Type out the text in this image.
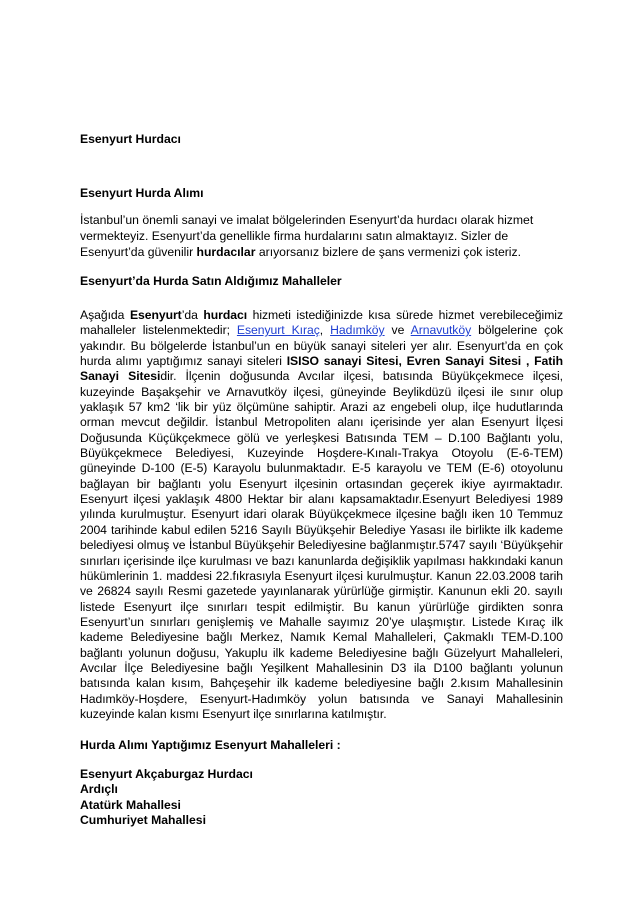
Esenyurt Hurdacı
Esenyurt Hurda Alımı
İstanbul’un önemli sanayi ve imalat bölgelerinden Esenyurt’da hurdacı olarak hizmet vermekteyiz. Esenyurt’da genellikle firma hurdalarını satın almaktayız. Sizler de Esenyurt’da güvenilir hurdacılar arıyorsanız bizlere de şans vermenizi çok isteriz.
Esenyurt’da Hurda Satın Aldığımız Mahalleler
Aşağıda Esenyurt’da hurdacı hizmeti istediğinizde kısa sürede hizmet verebileceğimiz mahalleler listelenmektedir; Esenyurt Kıraç, Hadımköy ve Arnavutköy bölgelerine çok yakındır. Bu bölgelerde İstanbul’un en büyük sanayi siteleri yer alır. Esenyurt’da en çok hurda alımı yaptığımız sanayi siteleri ISISO sanayi Sitesi, Evren Sanayi Sitesi , Fatih Sanayi Sitesidir. İlçenin doğusunda Avcılar ilçesi, batısında Büyükçekmece ilçesi, kuzeyinde Başakşehir ve Arnavutköy ilçesi, güneyinde Beylikdüzü ilçesi ile sınır olup yaklaşık 57 km2 ‘lik bir yüz ölçümüne sahiptir. Arazi az engebeli olup, ilçe hudutlarında orman mevcut değildir. İstanbul Metropoliten alanı içerisinde yer alan Esenyurt İlçesi Doğusunda Küçükçekmece gölü ve yerleşkesi Batısında TEM – D.100 Bağlantı yolu, Büyükçekmece Belediyesi, Kuzeyinde Hoşdere-Kınalı-Trakya Otoyolu (E-6-TEM) güneyinde D-100 (E-5) Karayolu bulunmaktadır. E-5 karayolu ve TEM (E-6) otoyolunu bağlayan bir bağlantı yolu Esenyurt ilçesinin ortasından geçerek ikiye ayırmaktadır. Esenyurt ilçesi yaklaşık 4800 Hektar bir alanı kapsamaktadır.Esenyurt Belediyesi 1989 yılında kurulmuştur. Esenyurt idari olarak Büyükçekmece ilçesine bağlı iken 10 Temmuz 2004 tarihinde kabul edilen 5216 Sayılı Büyükşehir Belediye Yasası ile birlikte ilk kademe belediyesi olmuş ve İstanbul Büyükşehir Belediyesine bağlanmıştır.5747 sayılı ‘Büyükşehir sınırları içerisinde ilçe kurulması ve bazı kanunlarda değişiklik yapılması hakkındaki kanun hükümlerinin 1. maddesi 22.fıkrasıyla Esenyurt ilçesi kurulmuştur. Kanun 22.03.2008 tarih ve 26824 sayılı Resmi gazetede yayınlanarak yürürlüğe girmiştir. Kanunun ekli 20. sayılı listede Esenyurt ilçe sınırları tespit edilmiştir. Bu kanun yürürlüğe girdikten sonra Esenyurt’un sınırları genişlemiş ve Mahalle sayımız 20’ye ulaşmıştır. Listede Kıraç ilk kademe Belediyesine bağlı Merkez, Namık Kemal Mahalleleri, Çakmaklı TEM-D.100 bağlantı yolunun doğusu, Yakuplu ilk kademe Belediyesine bağlı Güzelyurt Mahalleleri, Avcılar İlçe Belediyesine bağlı Yeşilkent Mahallesinin D3 ila D100 bağlantı yolunun batısında kalan kısım, Bahçeşehir ilk kademe belediyesine bağlı 2.kısım Mahallesinin Hadımköy-Hoşdere, Esenyurt-Hadımköy yolun batısında ve Sanayi Mahallesinin kuzeyinde kalan kısmı Esenyurt ilçe sınırlarına katılmıştır.
Hurda Alımı Yaptığımız Esenyurt Mahalleleri :
Esenyurt Akçaburgaz Hurdacı
Ardıçlı
Atatürk Mahallesi
Cumhuriyet Mahallesi
